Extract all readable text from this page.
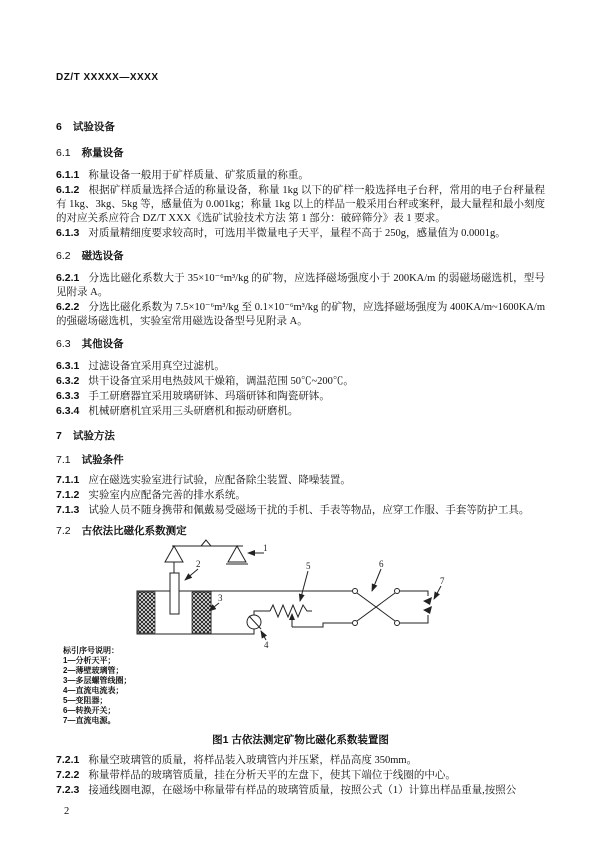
DZ/T XXXXX—XXXX

6 试验设备

6.1 称量设备

6.1.1 称量设备一般用于矿样质量、矿浆质量的称重。

6.1.2 根据矿样质量选择合适的称量设备，称量 1kg 以下的矿样一般选择电子台秤，常用的电子台秤量程有 1kg、3kg、5kg 等，感量值为 0.001kg；称量 1kg 以上的样品一般采用台秤或案秤，最大量程和最小刻度的对应关系应符合 DZ/T XXX《选矿试验技术方法 第 1 部分：破碎筛分》表 1 要求。

6.1.3 对质量精细度要求较高时，可选用半微量电子天平，量程不高于 250g，感量值为 0.0001g。

6.2 磁选设备

6.2.1 分选比磁化系数大于 35×10⁻⁶m³/kg 的矿物，应选择磁场强度小于 200KA/m 的弱磁场磁选机，型号见附录 A。

6.2.2 分选比磁化系数为 7.5×10⁻⁶m³/kg 至 0.1×10⁻⁶m³/kg 的矿物，应选择磁场强度为 400KA/m~1600KA/m 的强磁场磁选机，实验室常用磁选设备型号见附录 A。

6.3 其他设备

6.3.1 过滤设备宜采用真空过滤机。

6.3.2 烘干设备宜采用电热鼓风干燥箱，调温范围 50℃~200℃。

6.3.3 手工研磨器宜采用玻璃研钵、玛瑙研钵和陶瓷研钵。

6.3.4 机械研磨机宜采用三头研磨机和振动研磨机。

7 试验方法

7.1 试验条件

7.1.1 应在磁选实验室进行试验，应配备除尘装置、降噪装置。

7.1.2 实验室内应配备完善的排水系统。

7.1.3 试验人员不随身携带和佩戴易受磁场干扰的手机、手表等物品，应穿工作服、手套等防护工具。

7.2 古依法比磁化系数测定

1
2
3
4
5	6
7
标引序号说明：
1—分析天平；
2—薄壁玻璃管；
3—多层螺管线圈；
4—直流电流表；
5—变阻器；
6—转换开关；
7—直流电源。

图1 古依法测定矿物比磁化系数装置图

7.2.1 称量空玻璃管的质量，将样品装入玻璃管内并压紧，样品高度 350mm。

7.2.2 称量带样品的玻璃管质量，挂在分析天平的左盘下，使其下端位于线圈的中心。

7.2.3 接通线圈电源，在磁场中称量带有样品的玻璃管质量，按照公式（1）计算出样品重量,按照公

2
